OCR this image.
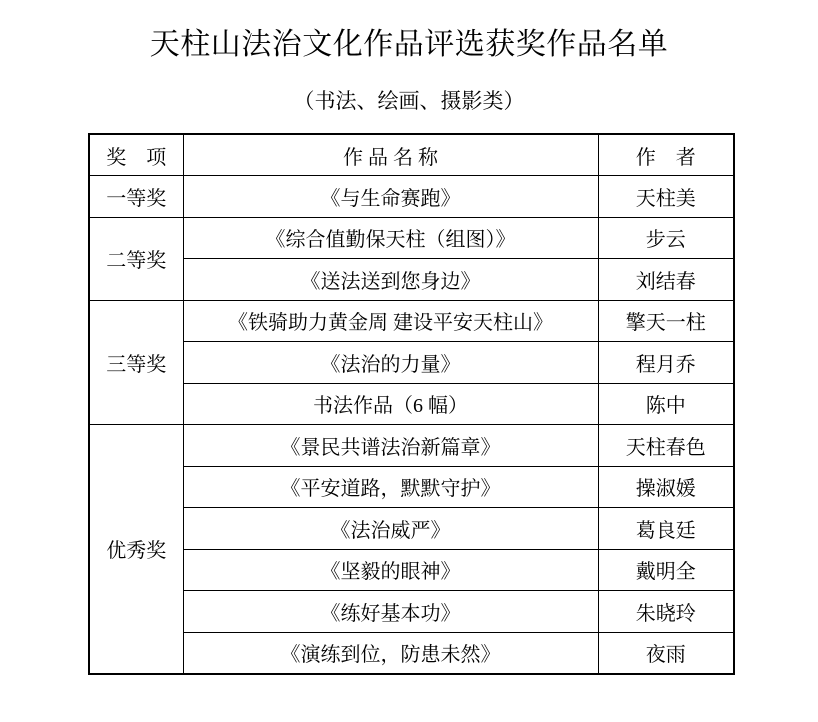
天柱山法治文化作品评选获奖作品名单
（书法、绘画、摄影类）
奖　项	作 品 名 称	作　者
一等奖	《与生命赛跑》	天柱美
二等奖	《综合值勤保天柱（组图）》	步云
	《送法送到您身边》	刘结春
三等奖	《铁骑助力黄金周 建设平安天柱山》	擎天一柱
	《法治的力量》	程月乔
	书法作品（6 幅）	陈中
优秀奖	《景民共谱法治新篇章》	天柱春色
	《平安道路，默默守护》	操淑媛
	《法治威严》	葛良廷
	《坚毅的眼神》	戴明全
	《练好基本功》	朱晓玲
	《演练到位，防患未然》	夜雨
